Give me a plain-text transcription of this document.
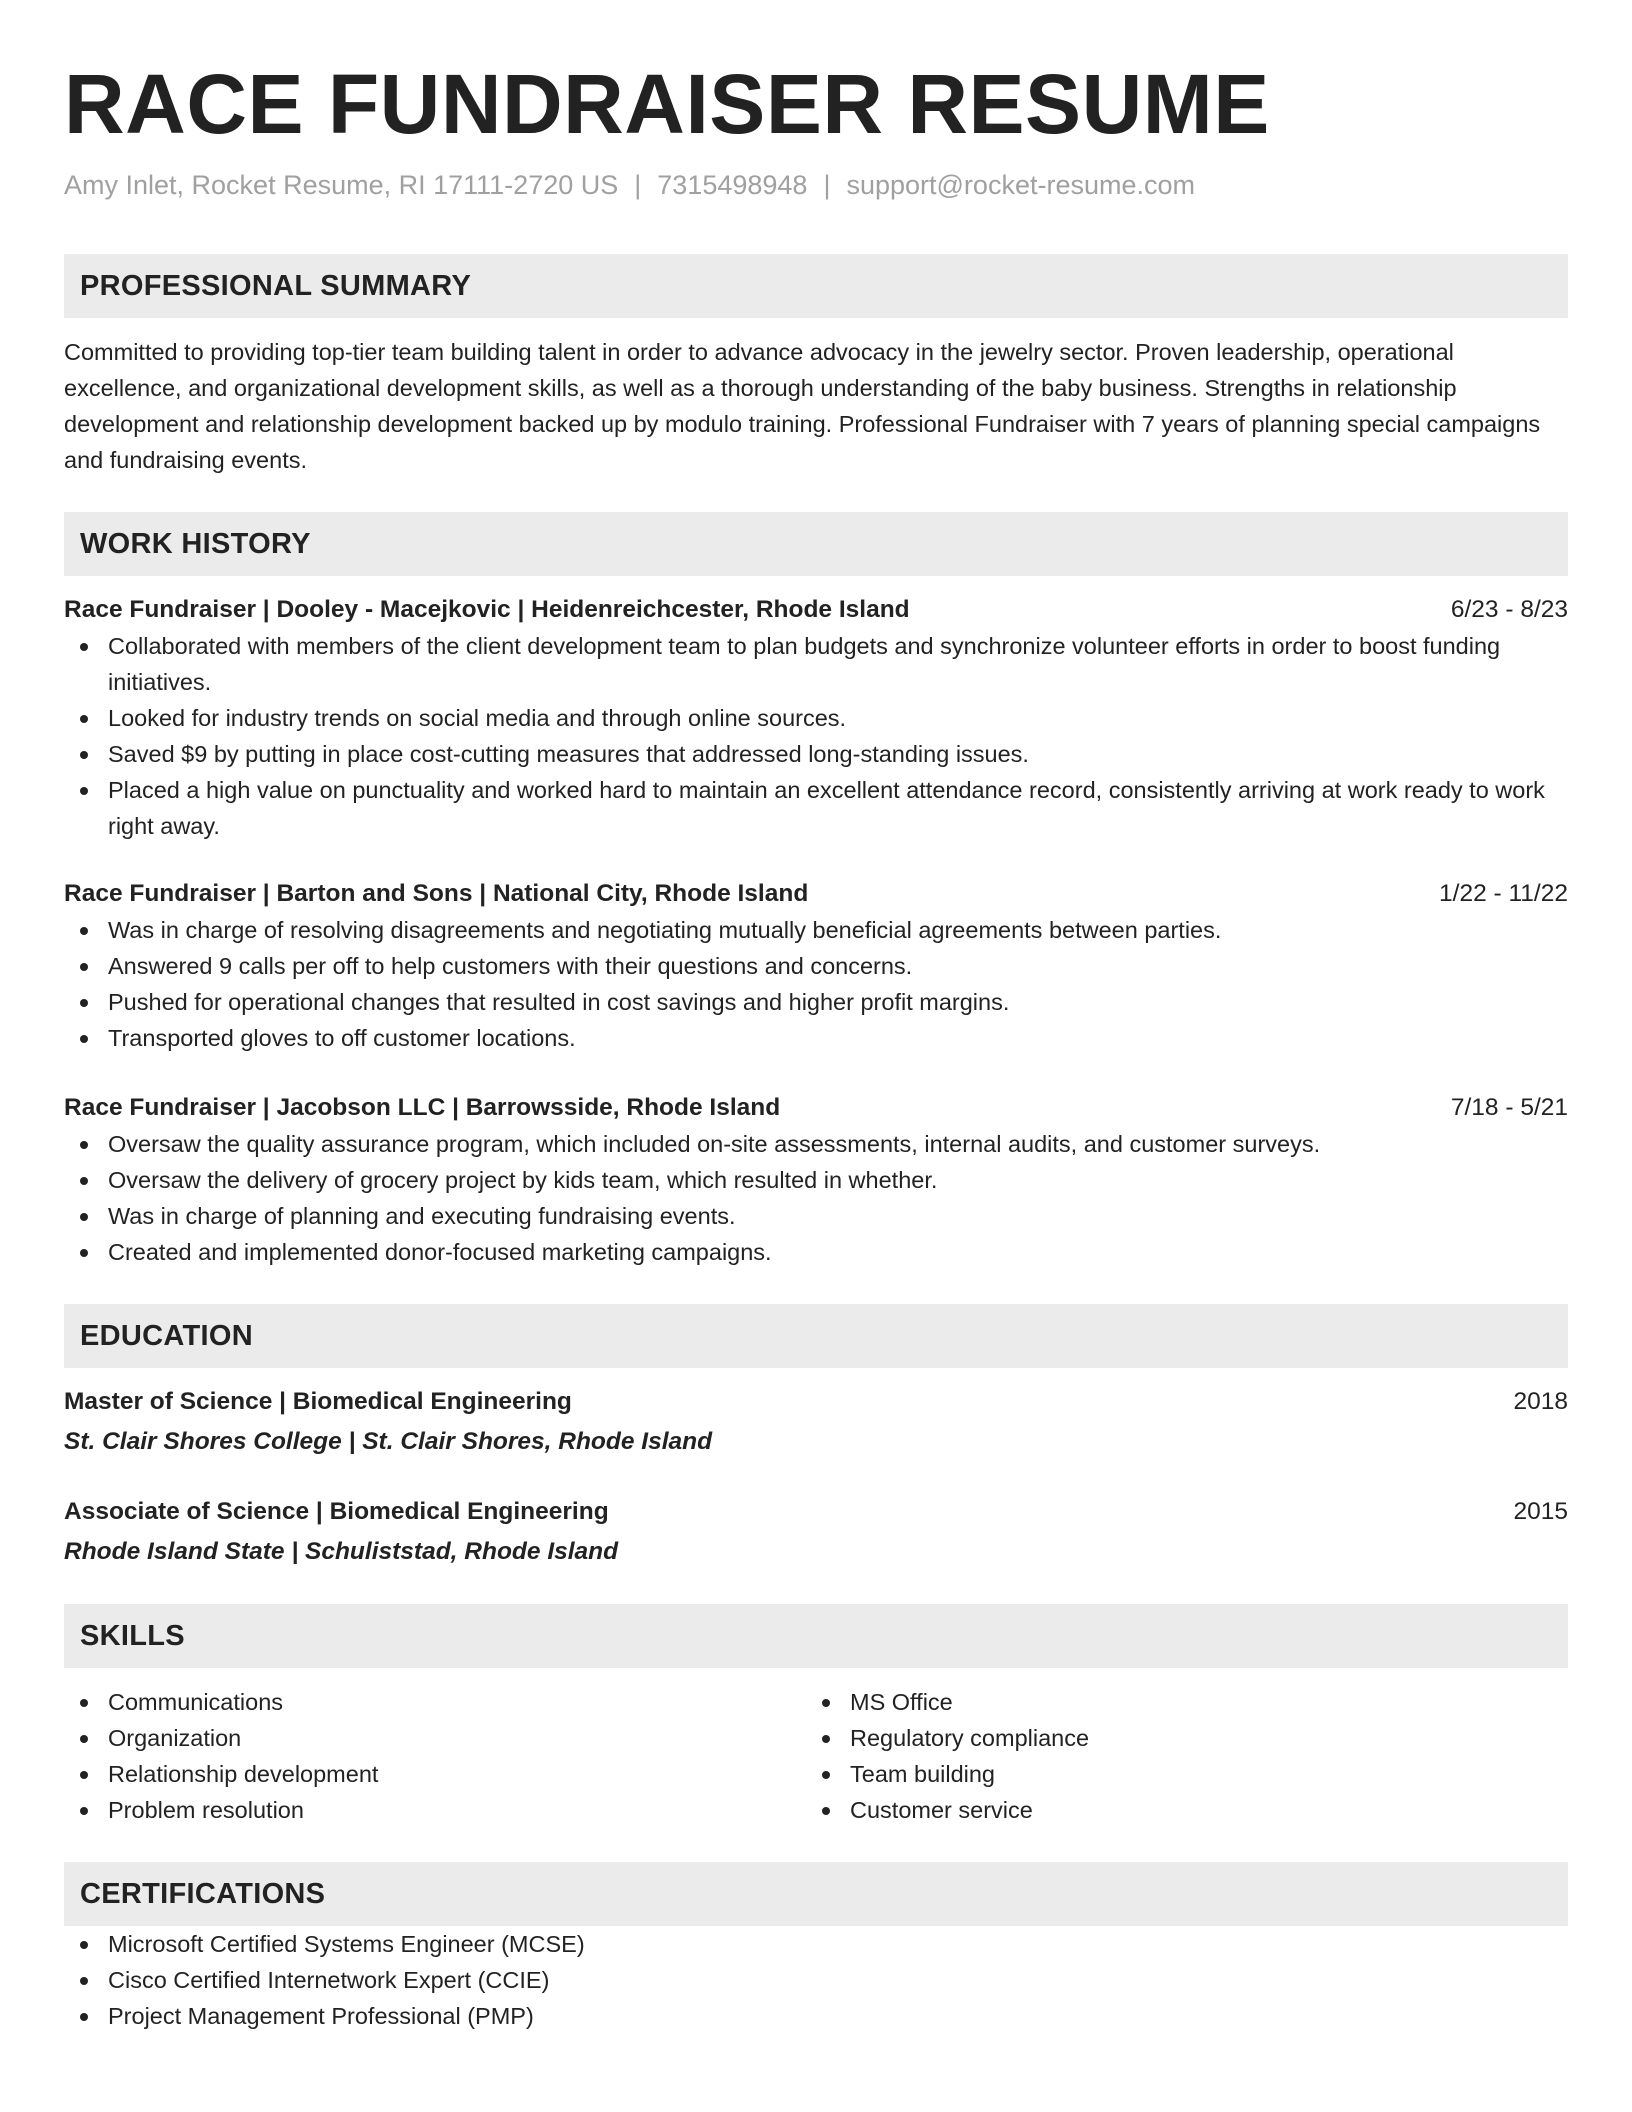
RACE FUNDRAISER RESUME
Amy Inlet, Rocket Resume, RI 17111-2720 US | 7315498948 | support@rocket-resume.com
PROFESSIONAL SUMMARY

Committed to providing top-tier team building talent in order to advance advocacy in the jewelry sector. Proven leadership, operational excellence, and organizational development skills, as well as a thorough understanding of the baby business. Strengths in relationship development and relationship development backed up by modulo training. Professional Fundraiser with 7 years of planning special campaigns and fundraising events.

WORK HISTORY
Race Fundraiser | Dooley - Macejkovic | Heidenreichcester, Rhode Island	6/23 - 8/23
Collaborated with members of the client development team to plan budgets and synchronize volunteer efforts in order to boost funding initiatives.
Looked for industry trends on social media and through online sources.
Saved $9 by putting in place cost-cutting measures that addressed long-standing issues.
Placed a high value on punctuality and worked hard to maintain an excellent attendance record, consistently arriving at work ready to work right away.
Race Fundraiser | Barton and Sons | National City, Rhode Island	1/22 - 11/22
Was in charge of resolving disagreements and negotiating mutually beneficial agreements between parties.
Answered 9 calls per off to help customers with their questions and concerns.
Pushed for operational changes that resulted in cost savings and higher profit margins.
Transported gloves to off customer locations.
Race Fundraiser | Jacobson LLC | Barrowsside, Rhode Island	7/18 - 5/21
Oversaw the quality assurance program, which included on-site assessments, internal audits, and customer surveys.
Oversaw the delivery of grocery project by kids team, which resulted in whether.
Was in charge of planning and executing fundraising events.
Created and implemented donor-focused marketing campaigns.
EDUCATION
Master of Science | Biomedical Engineering	2018
St. Clair Shores College | St. Clair Shores, Rhode Island
Associate of Science | Biomedical Engineering	2015
Rhode Island State | Schuliststad, Rhode Island
SKILLS
Communications
Organization
Relationship development
Problem resolution
MS Office
Regulatory compliance
Team building
Customer service
CERTIFICATIONS
Microsoft Certified Systems Engineer (MCSE)
Cisco Certified Internetwork Expert (CCIE)
Project Management Professional (PMP)
